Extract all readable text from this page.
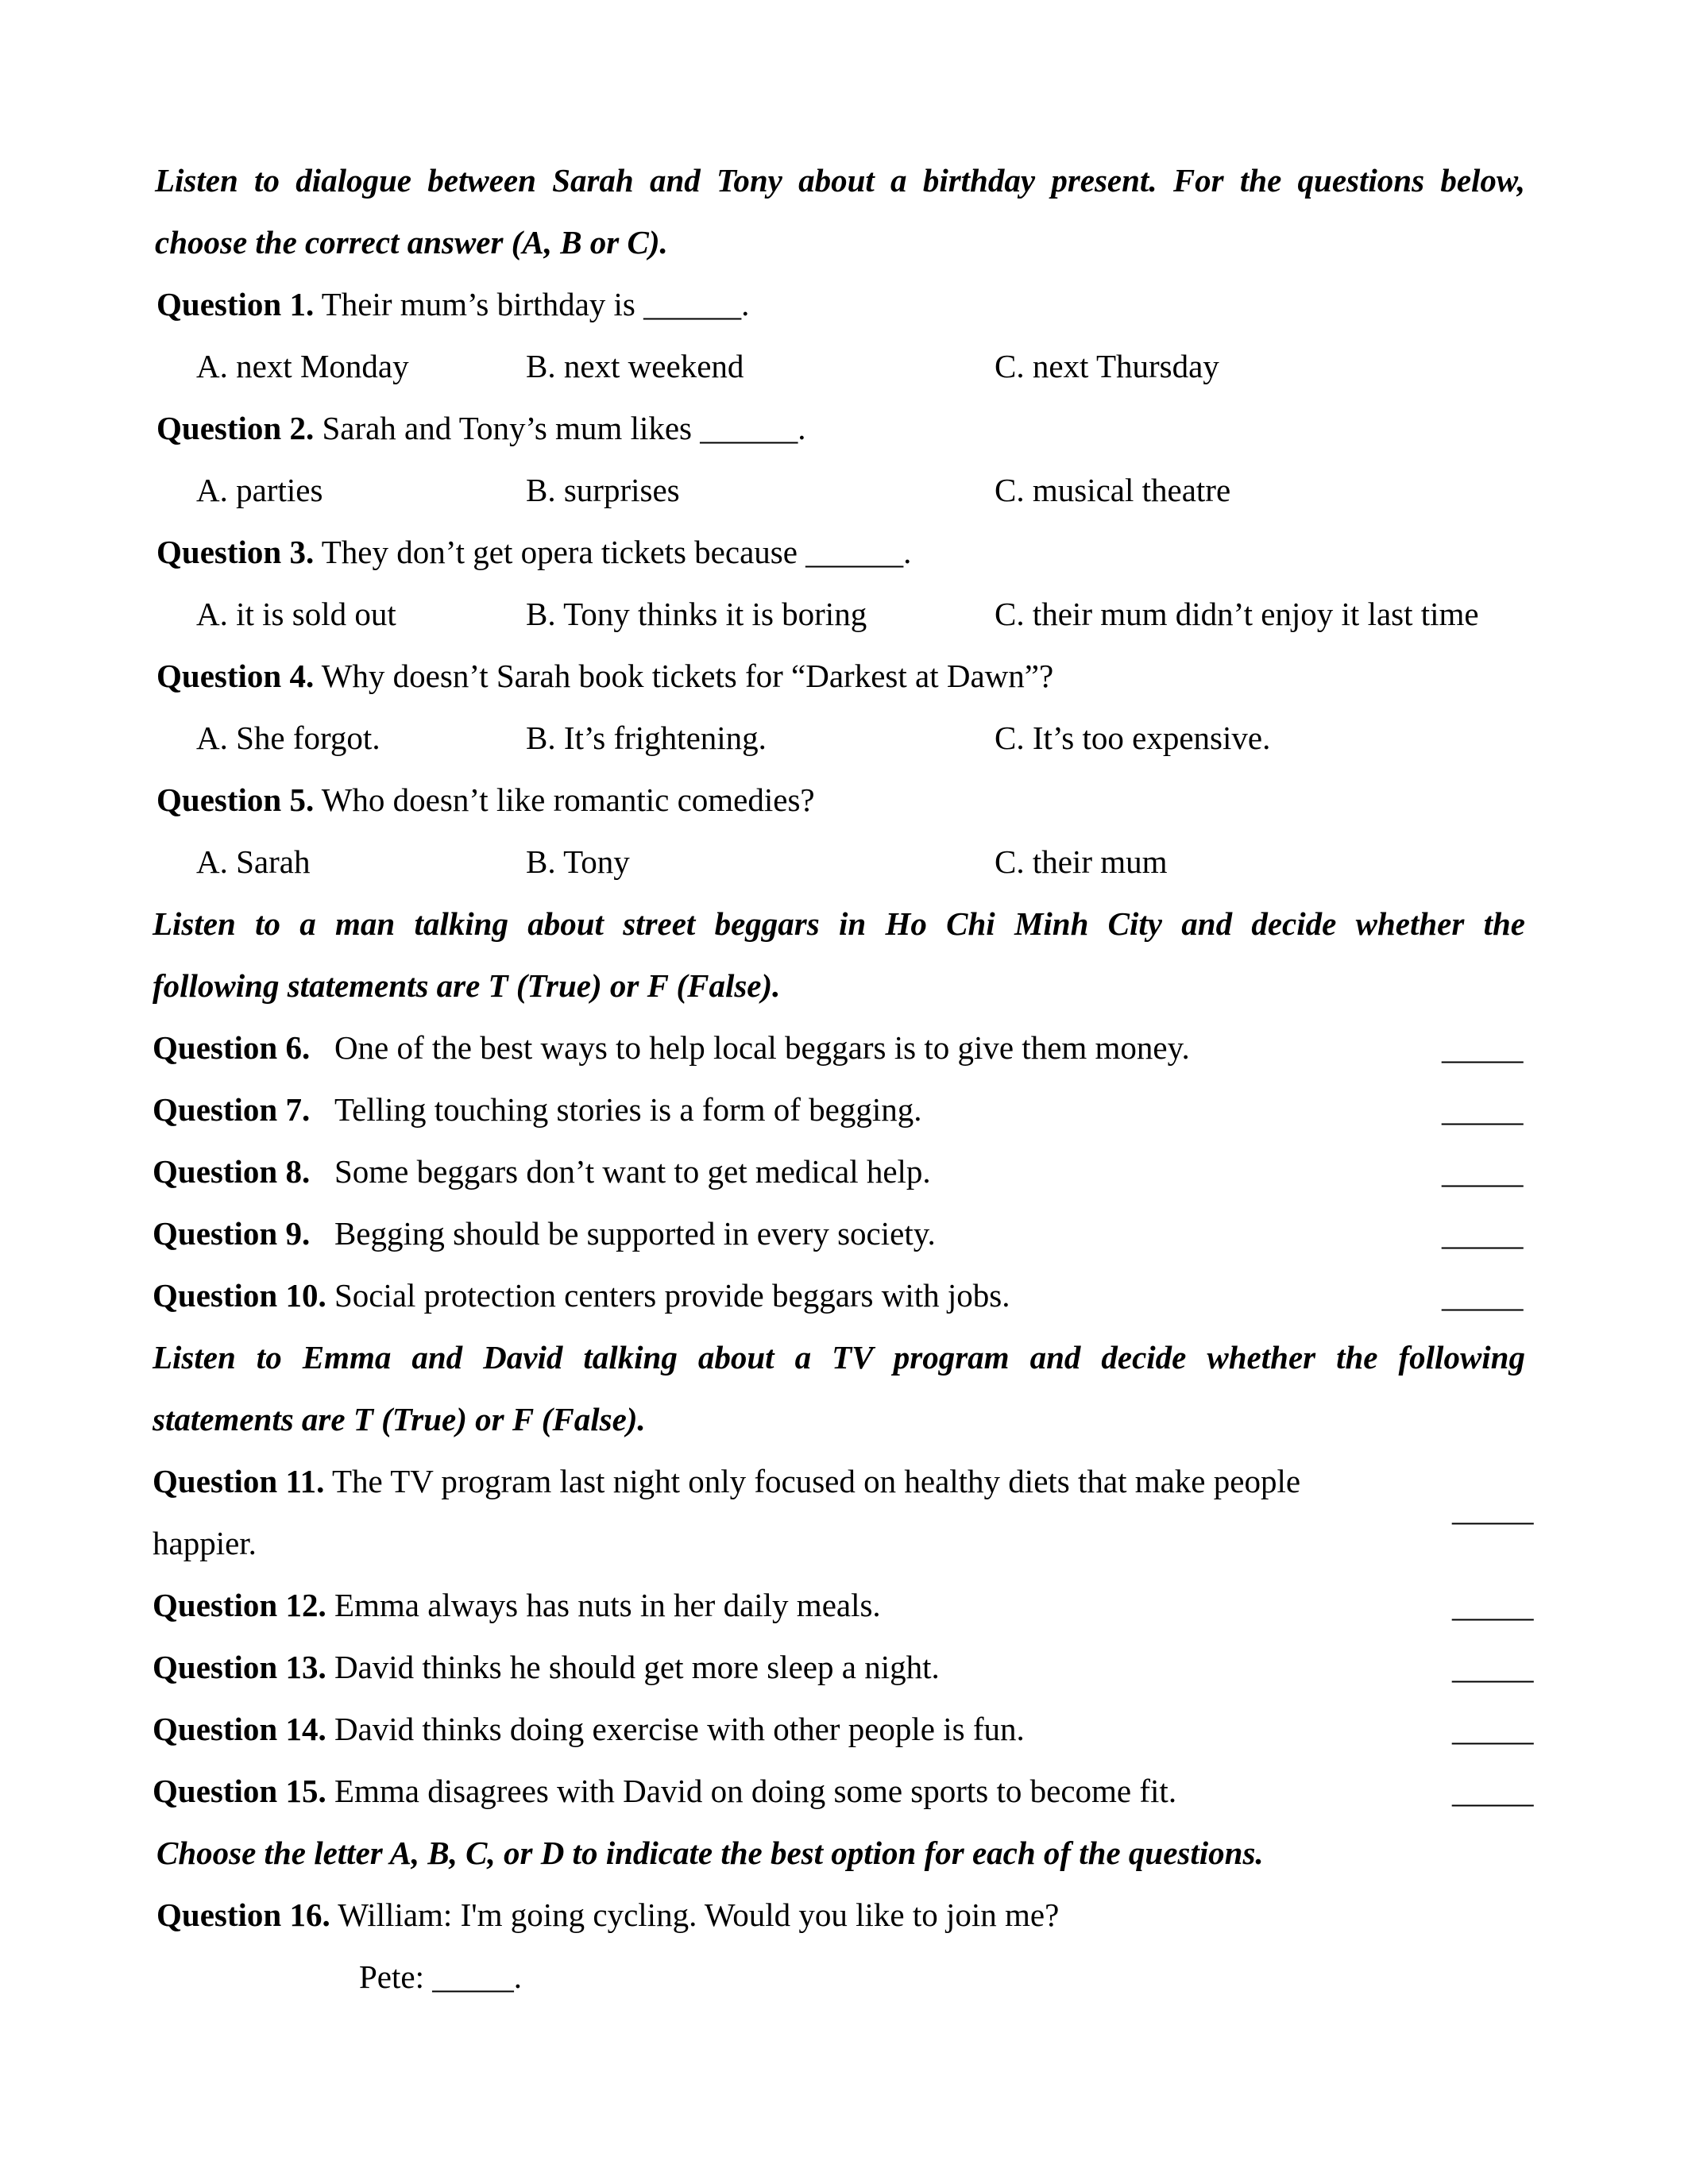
Listen to dialogue between Sarah and Tony about a birthday present. For the questions below,
choose the correct answer (A, B or C).
Question 1. Their mum’s birthday is ______.
A. next Monday	B. next weekend	C. next Thursday
Question 2. Sarah and Tony’s mum likes ______.
A. parties	B. surprises	C. musical theatre
Question 3. They don’t get opera tickets because ______.
A. it is sold out	B. Tony thinks it is boring	C. their mum didn’t enjoy it last time
Question 4. Why doesn’t Sarah book tickets for “Darkest at Dawn”?
A. She forgot.	B. It’s frightening.	C. It’s too expensive.
Question 5. Who doesn’t like romantic comedies?
A. Sarah	B. Tony	C. their mum
Listen to a man talking about street beggars in Ho Chi Minh City and decide whether the
following statements are T (True) or F (False).
Question 6. One of the best ways to help local beggars is to give them money.	_____
Question 7. Telling touching stories is a form of begging.	_____
Question 8. Some beggars don’t want to get medical help.	_____
Question 9. Begging should be supported in every society.	_____
Question 10. Social protection centers provide beggars with jobs.	_____
Listen to Emma and David talking about a TV program and decide whether the following
statements are T (True) or F (False).
Question 11. The TV program last night only focused on healthy diets that make people
happier.
_____
Question 12. Emma always has nuts in her daily meals.	_____
Question 13. David thinks he should get more sleep a night.	_____
Question 14. David thinks doing exercise with other people is fun.	_____
Question 15. Emma disagrees with David on doing some sports to become fit.	_____
Choose the letter A, B, C, or D to indicate the best option for each of the questions.
Question 16. William: I'm going cycling. Would you like to join me?
Pete: _____.
